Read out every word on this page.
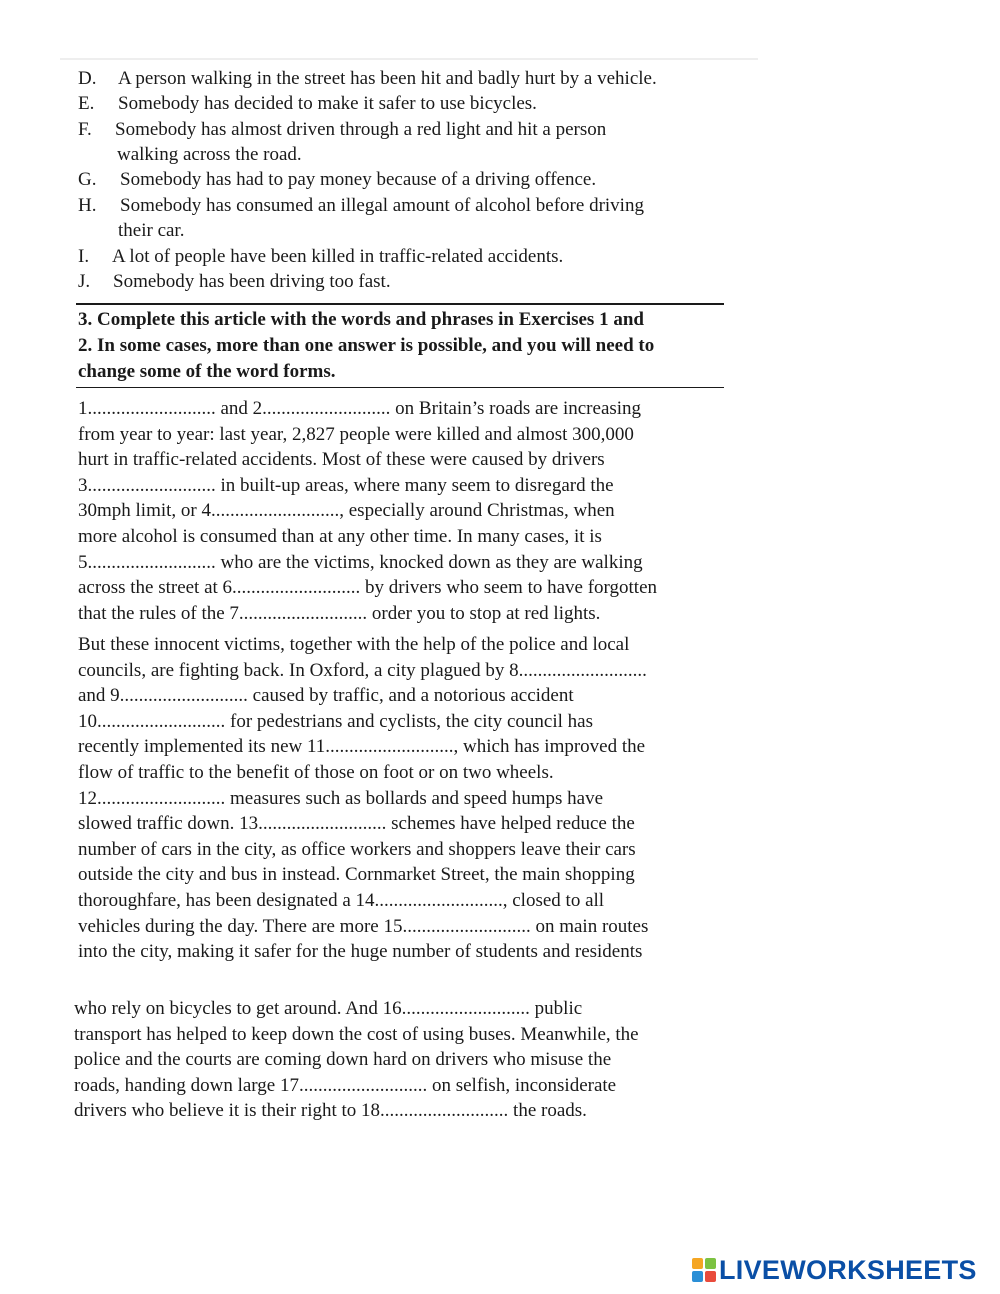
D. A person walking in the street has been hit and badly hurt by a vehicle.
E. Somebody has decided to make it safer to use bicycles.
F. Somebody has almost driven through a red light and hit a person
walking across the road.
G. Somebody has had to pay money because of a driving offence.
H. Somebody has consumed an illegal amount of alcohol before driving
their car.
I. A lot of people have been killed in traffic-related accidents.
J. Somebody has been driving too fast.
3. Complete this article with the words and phrases in Exercises 1 and
2. In some cases, more than one answer is possible, and you will need to
change some of the word forms.
1........................... and 2........................... on Britain’s roads are increasing
from year to year: last year, 2,827 people were killed and almost 300,000
hurt in traffic-related accidents. Most of these were caused by drivers
3........................... in built-up areas, where many seem to disregard the
30mph limit, or 4..........................., especially around Christmas, when
more alcohol is consumed than at any other time. In many cases, it is
5........................... who are the victims, knocked down as they are walking
across the street at 6........................... by drivers who seem to have forgotten
that the rules of the 7........................... order you to stop at red lights.
But these innocent victims, together with the help of the police and local
councils, are fighting back. In Oxford, a city plagued by 8...........................
and 9........................... caused by traffic, and a notorious accident
10........................... for pedestrians and cyclists, the city council has
recently implemented its new 11..........................., which has improved the
flow of traffic to the benefit of those on foot or on two wheels.
12........................... measures such as bollards and speed humps have
slowed traffic down. 13........................... schemes have helped reduce the
number of cars in the city, as office workers and shoppers leave their cars
outside the city and bus in instead. Cornmarket Street, the main shopping
thoroughfare, has been designated a 14..........................., closed to all
vehicles during the day. There are more 15........................... on main routes
into the city, making it safer for the huge number of students and residents
who rely on bicycles to get around. And 16........................... public
transport has helped to keep down the cost of using buses. Meanwhile, the
police and the courts are coming down hard on drivers who misuse the
roads, handing down large 17........................... on selfish, inconsiderate
drivers who believe it is their right to 18........................... the roads.
LIVEWORKSHEETS
